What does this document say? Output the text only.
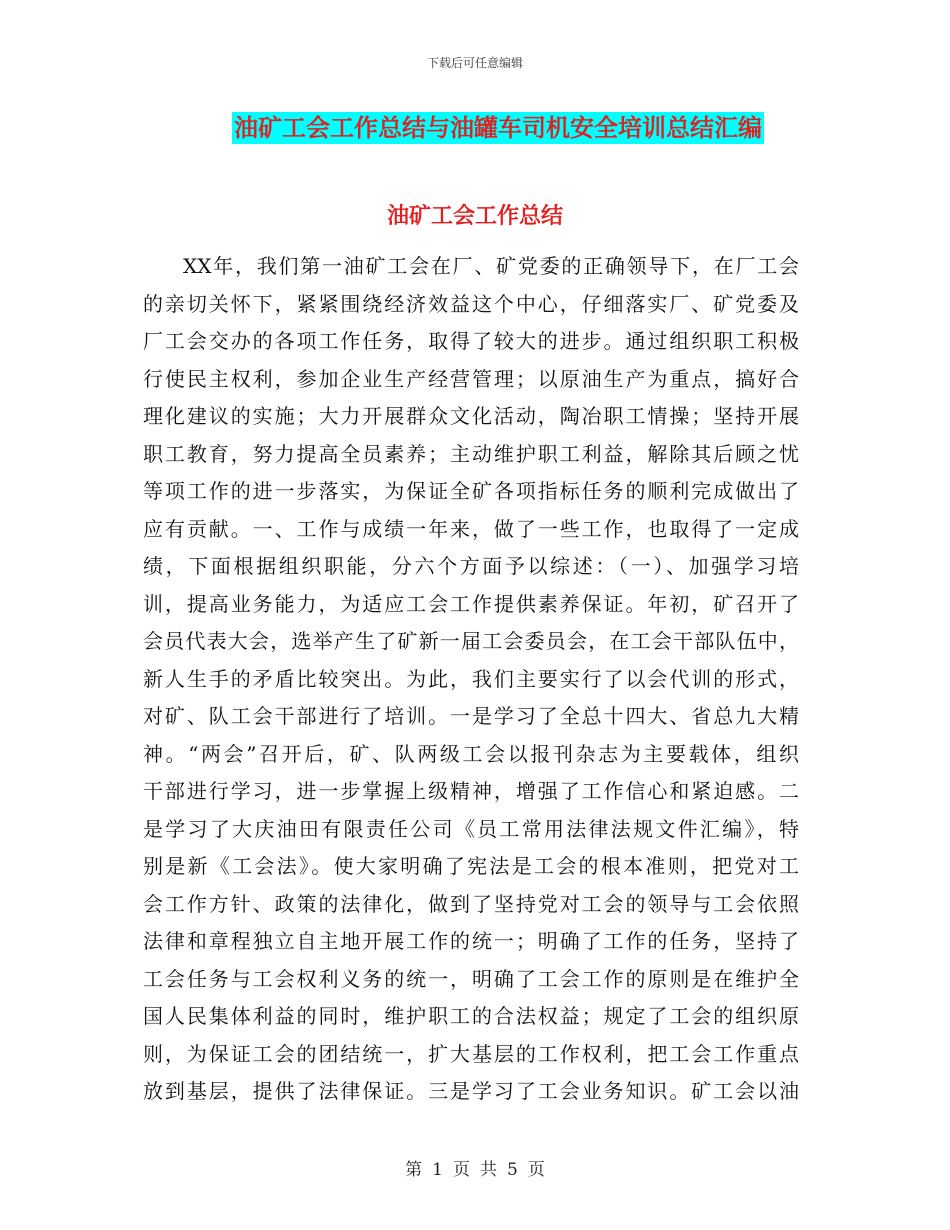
下载后可任意编辑
油矿工会工作总结与油罐车司机安全培训总结汇编
油矿工会工作总结
XX年，我们第一油矿工会在厂、矿党委的正确领导下，在厂工会
的亲切关怀下，紧紧围绕经济效益这个中心，仔细落实厂、矿党委及
厂工会交办的各项工作任务，取得了较大的进步。通过组织职工积极
行使民主权利，参加企业生产经营管理；以原油生产为重点，搞好合
理化建议的实施；大力开展群众文化活动，陶冶职工情操；坚持开展
职工教育，努力提高全员素养；主动维护职工利益，解除其后顾之忧
等项工作的进一步落实，为保证全矿各项指标任务的顺利完成做出了
应有贡献。一、工作与成绩一年来，做了一些工作，也取得了一定成
绩，下面根据组织职能，分六个方面予以综述：（一）、加强学习培
训，提高业务能力，为适应工会工作提供素养保证。年初，矿召开了
会员代表大会，选举产生了矿新一届工会委员会，在工会干部队伍中，
新人生手的矛盾比较突出。为此，我们主要实行了以会代训的形式，
对矿、队工会干部进行了培训。一是学习了全总十四大、省总九大精
神。“两会”召开后，矿、队两级工会以报刊杂志为主要载体，组织
干部进行学习，进一步掌握上级精神，增强了工作信心和紧迫感。二
是学习了大庆油田有限责任公司《员工常用法律法规文件汇编》，特
别是新《工会法》。使大家明确了宪法是工会的根本准则，把党对工
会工作方针、政策的法律化，做到了坚持党对工会的领导与工会依照
法律和章程独立自主地开展工作的统一；明确了工作的任务，坚持了
工会任务与工会权利义务的统一，明确了工会工作的原则是在维护全
国人民集体利益的同时，维护职工的合法权益；规定了工会的组织原
则，为保证工会的团结统一，扩大基层的工作权利，把工会工作重点
放到基层，提供了法律保证。三是学习了工会业务知识。矿工会以油
第 1 页 共 5 页
